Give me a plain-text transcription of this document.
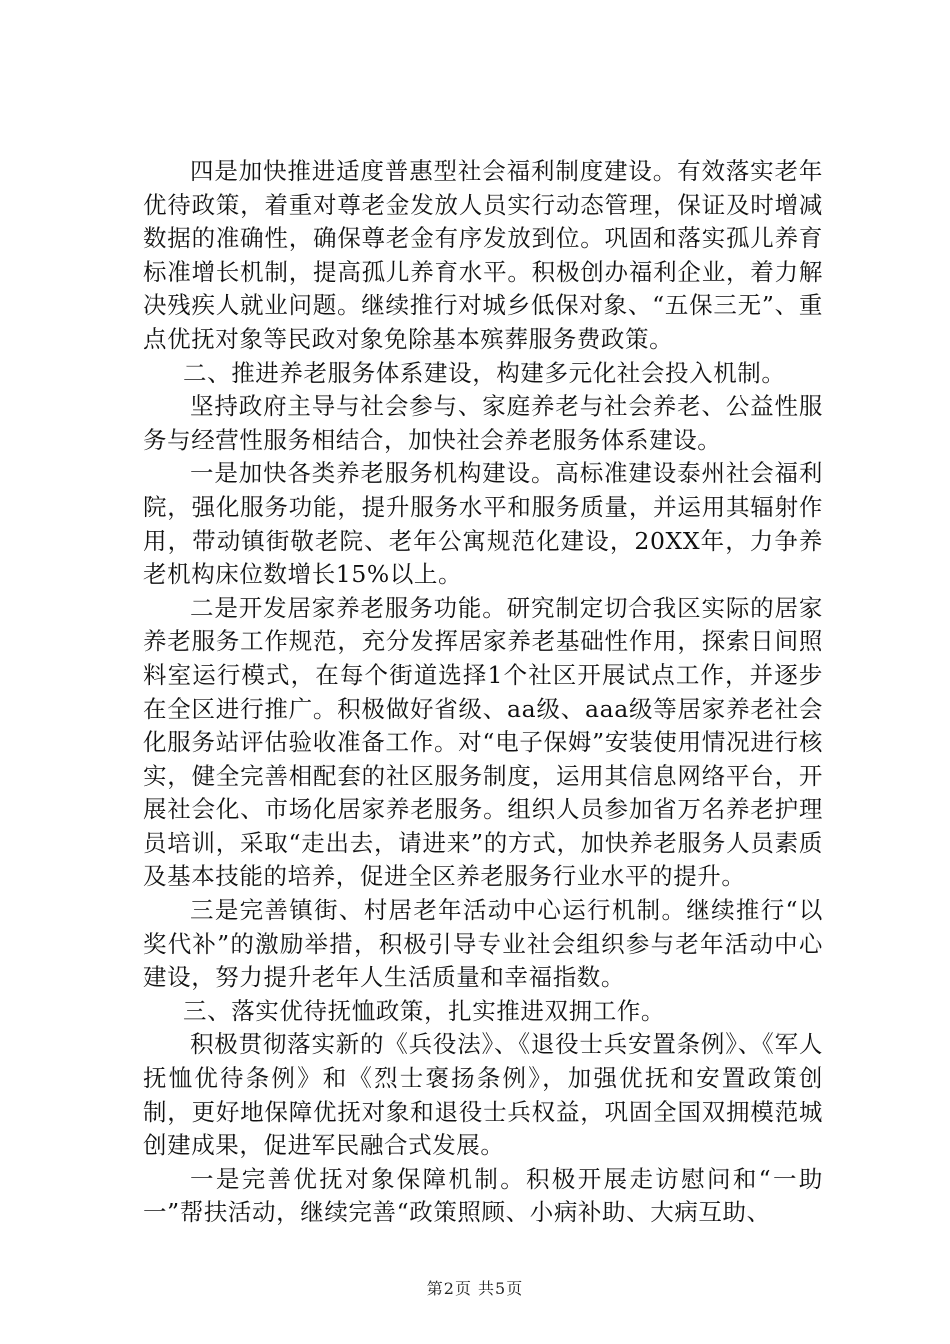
四是加快推进适度普惠型社会福利制度建设。有效落实老年优待政策，着重对尊老金发放人员实行动态管理，保证及时增减数据的准确性，确保尊老金有序发放到位。巩固和落实孤儿养育标准增长机制，提高孤儿养育水平。积极创办福利企业，着力解决残疾人就业问题。继续推行对城乡低保对象、“五保三无”、重点优抚对象等民政对象免除基本殡葬服务费政策。

二、推进养老服务体系建设，构建多元化社会投入机制。

坚持政府主导与社会参与、家庭养老与社会养老、公益性服务与经营性服务相结合，加快社会养老服务体系建设。

一是加快各类养老服务机构建设。高标准建设泰州社会福利院，强化服务功能，提升服务水平和服务质量，并运用其辐射作用，带动镇街敬老院、老年公寓规范化建设，20XX年，力争养老机构床位数增长15%以上。

二是开发居家养老服务功能。研究制定切合我区实际的居家养老服务工作规范，充分发挥居家养老基础性作用，探索日间照料室运行模式，在每个街道选择1个社区开展试点工作，并逐步在全区进行推广。积极做好省级、aa级、aaa级等居家养老社会化服务站评估验收准备工作。对“电子保姆”安装使用情况进行核实，健全完善相配套的社区服务制度，运用其信息网络平台，开展社会化、市场化居家养老服务。组织人员参加省万名养老护理员培训，采取“走出去，请进来”的方式，加快养老服务人员素质及基本技能的培养，促进全区养老服务行业水平的提升。

三是完善镇街、村居老年活动中心运行机制。继续推行“以奖代补”的激励举措，积极引导专业社会组织参与老年活动中心建设，努力提升老年人生活质量和幸福指数。

三、落实优待抚恤政策，扎实推进双拥工作。

积极贯彻落实新的《兵役法》、《退役士兵安置条例》、《军人抚恤优待条例》和《烈士褒扬条例》，加强优抚和安置政策创制，更好地保障优抚对象和退役士兵权益，巩固全国双拥模范城创建成果，促进军民融合式发展。

一是完善优抚对象保障机制。积极开展走访慰问和“一助一”帮扶活动，继续完善“政策照顾、小病补助、大病互助、

第2页 共5页
